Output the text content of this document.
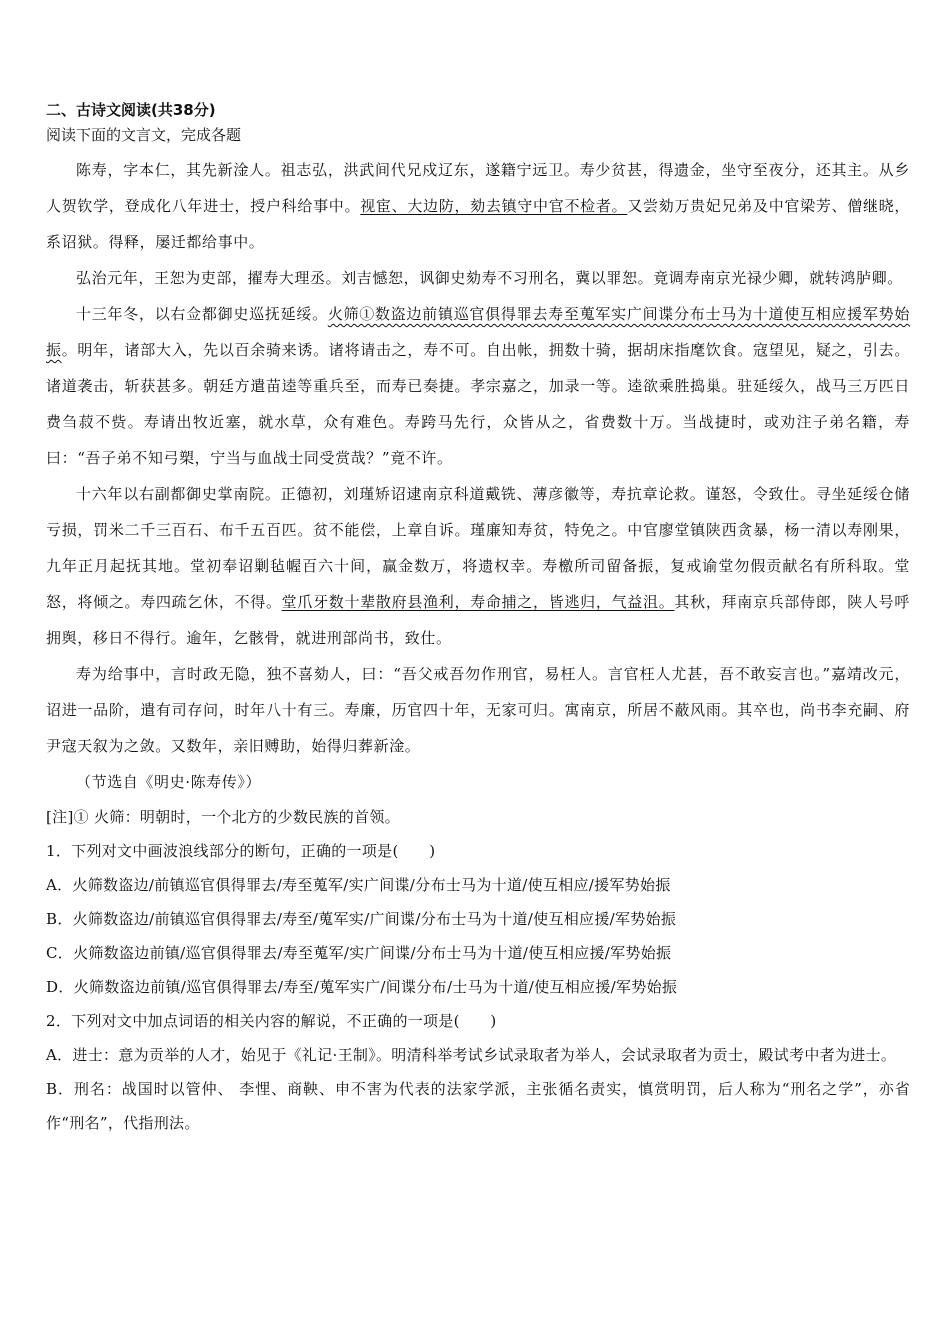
二、古诗文阅读(共38分)

阅读下面的文言文，完成各题

陈寿，字本仁，其先新淦人。祖志弘，洪武间代兄戍辽东，遂籍宁远卫。寿少贫甚，得遗金，坐守至夜分，还其主。从乡人贺钦学，登成化八年进士，授户科给事中。视宦、大边防，劾去镇守中官不检者。又尝劾万贵妃兄弟及中官梁芳、僧继晓，系诏狱。得释，屡迁都给事中。

弘治元年，王恕为吏部，擢寿大理丞。刘吉憾恕，讽御史劾寿不习刑名，冀以罪恕。竟调寿南京光禄少卿，就转鸿胪卿。

十三年冬，以右佥都御史巡抚延绥。火筛①数盗边前镇巡官俱得罪去寿至蒐军实广间谍分布士马为十道使互相应援军势始振。明年，诸部大入，先以百余骑来诱。诸将请击之，寿不可。自出帐，拥数十骑，据胡床指麾饮食。寇望见，疑之，引去。诸道袭击，斩获甚多。朝廷方遣苗逵等重兵至，而寿已奏捷。孝宗嘉之，加录一等。逵欲乘胜捣巢。驻延绥久，战马三万匹日费刍菽不赀。寿请出牧近塞，就水草，众有难色。寿跨马先行，众皆从之，省费数十万。当战捷时，或劝注子弟名籍，寿曰：“吾子弟不知弓槊，宁当与血战士同受赏哉？”竟不许。

十六年以右副都御史掌南院。正德初，刘瑾矫诏逮南京科道戴铣、薄彦徽等，寿抗章论救。谨怒，令致仕。寻坐延绥仓储亏损，罚米二千三百石、布千五百匹。贫不能偿，上章自诉。瑾廉知寿贫，特免之。中官廖堂镇陕西贪暴，杨一清以寿刚果，九年正月起抚其地。堂初奉诏剿毡幄百六十间，赢金数万，将遗权幸。寿檄所司留备振，复戒谕堂勿假贡献名有所科取。堂怒，将倾之。寿四疏乞休，不得。堂爪牙数十辈散府县渔利，寿命捕之，皆逃归，气益沮。其秋，拜南京兵部侍郎，陕人号呼拥舆，移日不得行。逾年，乞骸骨，就进刑部尚书，致仕。

寿为给事中，言时政无隐，独不喜劾人，曰：“吾父戒吾勿作刑官，易枉人。言官枉人尤甚，吾不敢妄言也。”嘉靖改元，诏进一品阶，遣有司存问，时年八十有三。寿廉，历官四十年，无家可归。寓南京，所居不蔽风雨。其卒也，尚书李充嗣、府尹寇天叙为之敛。又数年，亲旧赙助，始得归葬新淦。

（节选自《明史·陈寿传》）

[注]① 火筛：明朝时，一个北方的少数民族的首领。

1．下列对文中画波浪线部分的断句，正确的一项是(　　)

A．火筛数盗边/前镇巡官俱得罪去/寿至蒐军/实广间谍/分布士马为十道/使互相应/援军势始振

B．火筛数盗边/前镇巡官俱得罪去/寿至/蒐军实/广间谍/分布士马为十道/使互相应援/军势始振

C．火筛数盗边前镇/巡官俱得罪去/寿至蒐军/实广间谍/分布士马为十道/使互相应援/军势始振

D．火筛数盗边前镇/巡官俱得罪去/寿至/蒐军实广/间谍分布/士马为十道/使互相应援/军势始振

2．下列对文中加点词语的相关内容的解说，不正确的一项是(　　)

A．进士：意为贡举的人才，始见于《礼记·王制》。明清科举考试乡试录取者为举人，会试录取者为贡士，殿试考中者为进士。

B．刑名：战国时以管仲、 李悝、商鞅、申不害为代表的法家学派，主张循名责实，慎赏明罚，后人称为“刑名之学”，亦省作“刑名”，代指刑法。
